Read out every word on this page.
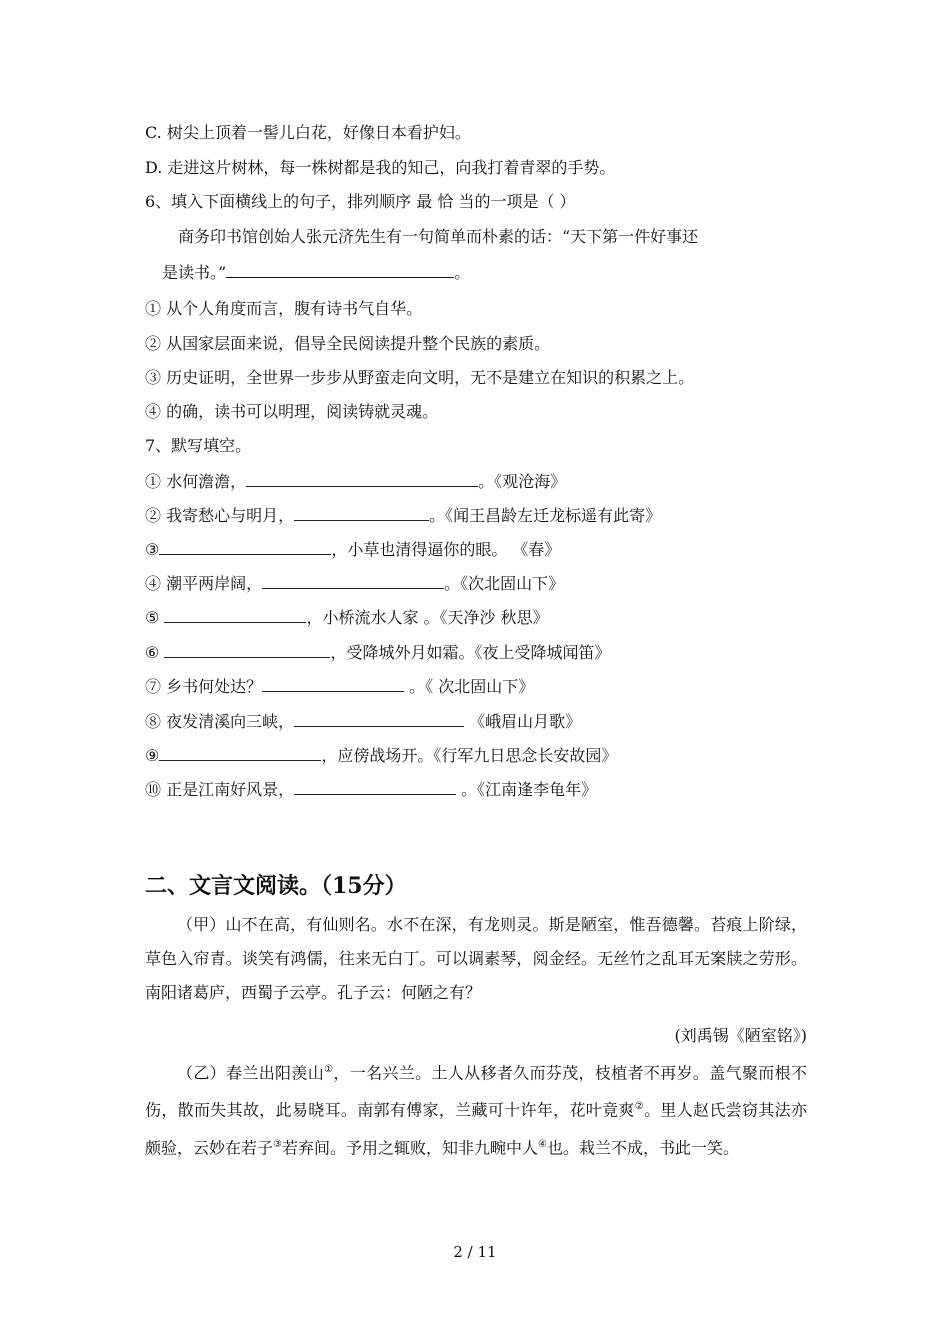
C. 树尖上顶着一髻儿白花，好像日本看护妇。
D. 走进这片树林，每一株树都是我的知己，向我打着青翠的手势。
6、填入下面横线上的句子，排列顺序 最 恰 当的一项是（ ）
商务印书馆创始人张元济先生有一句简单而朴素的话：“天下第一件好事还
是读书。”	。
① 从个人角度而言，腹有诗书气自华。
② 从国家层面来说，倡导全民阅读提升整个民族的素质。
③ 历史证明，全世界一步步从野蛮走向文明，无不是建立在知识的积累之上。
④ 的确，读书可以明理，阅读铸就灵魂。
7、默写填空。
① 水何澹澹，	。《观沧海》
② 我寄愁心与明月，	。《闻王昌龄左迁龙标遥有此寄》
③	，小草也清得逼你的眼。 《春》
④ 潮平两岸阔，	。《次北固山下》
⑤	，小桥流水人家 。《天净沙 秋思》
⑥	，受降城外月如霜。《夜上受降城闻笛》
⑦ 乡书何处达？	。《 次北固山下》
⑧ 夜发清溪向三峡，	《峨眉山月歌》
⑨	，应傍战场开。《行军九日思念长安故园》
⑩ 正是江南好风景，	。《江南逢李龟年》
二、文言文阅读。（15分）
（甲）山不在高，有仙则名。水不在深，有龙则灵。斯是陋室，惟吾德馨。苔痕上阶绿，草色入帘青。谈笑有鸿儒，往来无白丁。可以调素琴，阅金经。无丝竹之乱耳无案牍之劳形。南阳诸葛庐，西蜀子云亭。孔子云：何陋之有？
(刘禹锡《陋室铭》)
（乙）春兰出阳羡山①，一名兴兰。土人从移者久而芬茂，枝植者不再岁。盖气聚而根不伤，散而失其故，此易晓耳。南郭有傅家，兰藏可十许年，花叶竟爽②。里人赵氏尝窃其法亦颇验，云妙在若子③若弃间。予用之辄败，知非九畹中人④也。栽兰不成，书此一笑。
2 / 11
